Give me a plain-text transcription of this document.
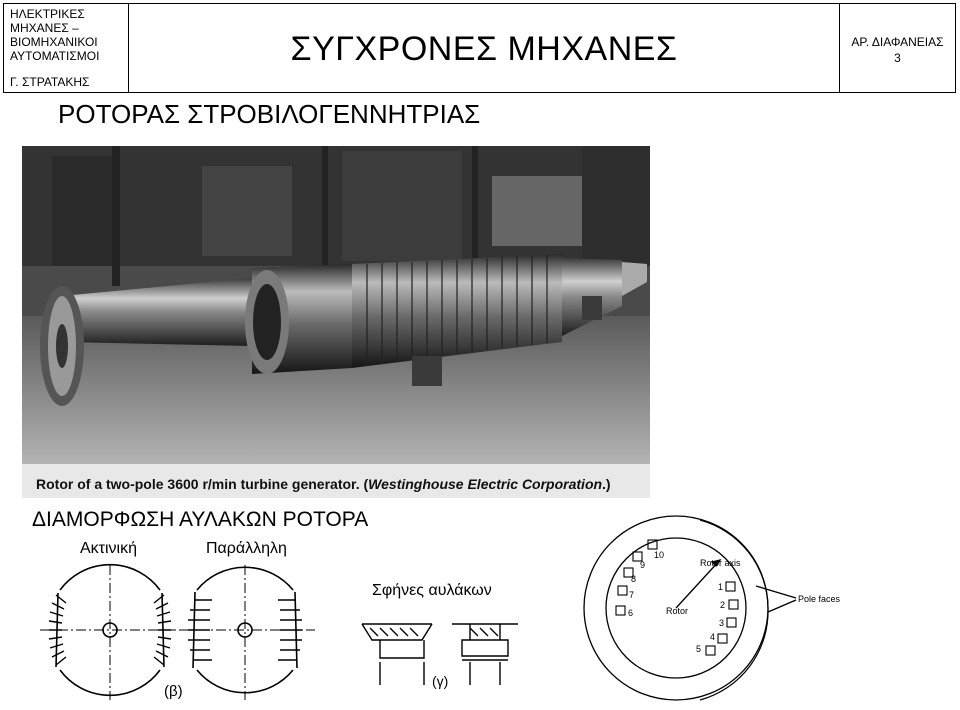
ΗΛΕΚΤΡΙΚΕΣ
ΜΗΧΑΝΕΣ –
ΒΙΟΜΗΧΑΝΙΚΟΙ
ΑΥΤΟΜΑΤΙΣΜΟΙ
Γ. ΣΤΡΑΤΑΚΗΣ
ΣΥΓΧΡΟΝΕΣ ΜΗΧΑΝΕΣ	ΑΡ. ΔΙΑΦΑΝΕΙΑΣ
3
ΡΟΤΟΡΑΣ ΣΤΡΟΒΙΛΟΓΕΝΝΗΤΡΙΑΣ
Rotor of a two-pole 3600 r/min turbine generator. (Westinghouse Electric Corporation.)
ΔΙΑΜΟΡΦΩΣΗ ΑΥΛΑΚΩΝ ΡΟΤΟΡΑ
Ακτινική	Παράλληλη
Σφήνες αυλάκων
(β)
(γ)
10
9
8
7
6
1
2
3
4
5
Rotor axis
Rotor
Pole faces
